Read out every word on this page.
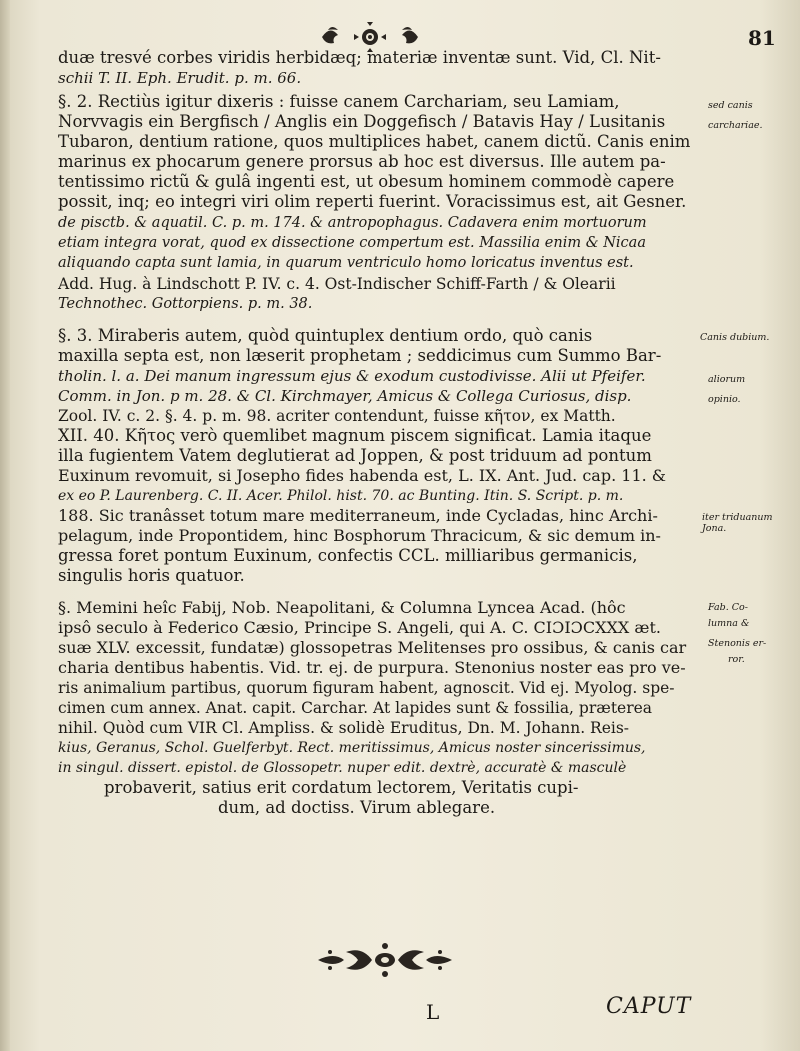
81
duæ tresvé corbes viridis herbidæq; materiæ inventæ sunt. Vid, Cl. Nit-
schii T. II. Eph. Erudit. p. m. 66.
§. 2. Rectiùs igitur dixeris : fuisse canem Carchariam, seu Lamiam,
Norvvagis ein Bergfisch / Anglis ein Doggefisch / Batavis Hay / Lusitanis
Tubaron, dentium ratione, quos multiplices habet, canem dictũ. Canis enim
marinus ex phocarum genere prorsus ab hoc est diversus. Ille autem pa-
tentissimo rictũ & gulâ ingenti est, ut obesum hominem commodè capere
possit, inq; eo integri viri olim reperti fuerint. Voracissimus est, ait Gesner.
de pisctb. & aquatil. C. p. m. 174. & antropophagus. Cadavera enim mortuorum
etiam integra vorat, quod ex dissectione compertum est. Massilia enim & Nicaa
aliquando capta sunt lamia, in quarum ventriculo homo loricatus inventus est.
Add. Hug. à Lindschott P. IV. c. 4. Ost-Indischer Schiff-Farth / & Olearii
Technothec. Gottorpiens. p. m. 38.
§. 3. Miraberis autem, quòd quintuplex dentium ordo, quò canis
maxilla septa est, non læserit prophetam ; seddicimus cum Summo Bar-
tholin. l. a. Dei manum ingressum ejus & exodum custodivisse. Alii ut Pfeifer.
Comm. in Jon. p m. 28. & Cl. Kirchmayer, Amicus & Collega Curiosus, disp.
Zool. IV. c. 2. §. 4. p. m. 98. acriter contendunt, fuisse κῆτον, ex Matth.
XII. 40. Κῆτος verò quemlibet magnum piscem significat. Lamia itaque
illa fugientem Vatem deglutierat ad Joppen, & post triduum ad pontum
Euxinum revomuit, si Josepho fides habenda est, L. IX. Ant. Jud. cap. 11. &
ex eo P. Laurenberg. C. II. Acer. Philol. hist. 70. ac Bunting. Itin. S. Script. p. m.
188. Sic tranâsset totum mare mediterraneum, inde Cycladas, hinc Archi-
pelagum, inde Propontidem, hinc Bosphorum Thracicum, & sic demum in-
gressa foret pontum Euxinum, confectis CCL. milliaribus germanicis,
singulis horis quatuor.
§. Memini heîc Fabij, Nob. Neapolitani, & Columna Lyncea Acad. (hôc
ipsô seculo à Federico Cæsio, Principe S. Angeli, qui A. C. CIƆIƆCXXX æt.
suæ XLV. excessit, fundatæ) glossopetras Melitenses pro ossibus, & canis car
charia dentibus habentis. Vid. tr. ej. de purpura. Stenonius noster eas pro ve-
ris animalium partibus, quorum figuram habent, agnoscit. Vid ej. Myolog. spe-
cimen cum annex. Anat. capit. Carchar. At lapides sunt & fossilia, præterea
nihil. Quòd cum VIR Cl. Ampliss. & solidè Eruditus, Dn. M. Johann. Reis-
kius, Geranus, Schol. Guelferbyt. Rect. meritissimus, Amicus noster sincerissimus,
in singul. dissert. epistol. de Glossopetr. nuper edit. dextrè, accuratè & masculè
probaverit, satius erit cordatum lectorem, Veritatis cupi-
dum, ad doctiss. Virum ablegare.
sed canis
carchariae.
Canis dubium.
aliorum
opinio.
iter triduanum Jona.
Fab. Co-
lumna &
Stenonis er-
ror.
L	CAPUT
